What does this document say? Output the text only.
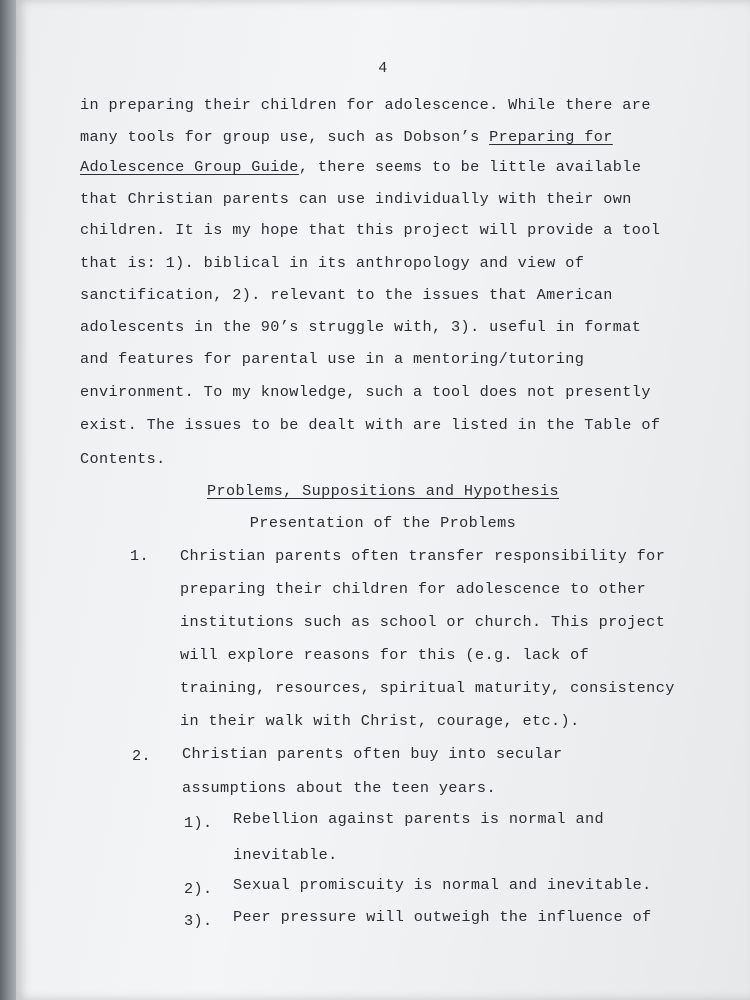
4
in preparing their children for adolescence. While there are
many tools for group use, such as Dobson’s Preparing for
Adolescence Group Guide, there seems to be little available
that Christian parents can use individually with their own
children. It is my hope that this project will provide a tool
that is: 1). biblical in its anthropology and view of
sanctification, 2). relevant to the issues that American
adolescents in the 90’s struggle with, 3). useful in format
and features for parental use in a mentoring/tutoring
environment. To my knowledge, such a tool does not presently
exist. The issues to be dealt with are listed in the Table of
Contents.
Problems, Suppositions and Hypothesis
Presentation of the Problems
1. Christian parents often transfer responsibility for
preparing their children for adolescence to other
institutions such as school or church. This project
will explore reasons for this (e.g. lack of
training, resources, spiritual maturity, consistency
in their walk with Christ, courage, etc.).
2. Christian parents often buy into secular
assumptions about the teen years.
1). Rebellion against parents is normal and
inevitable.
2). Sexual promiscuity is normal and inevitable.
3). Peer pressure will outweigh the influence of
